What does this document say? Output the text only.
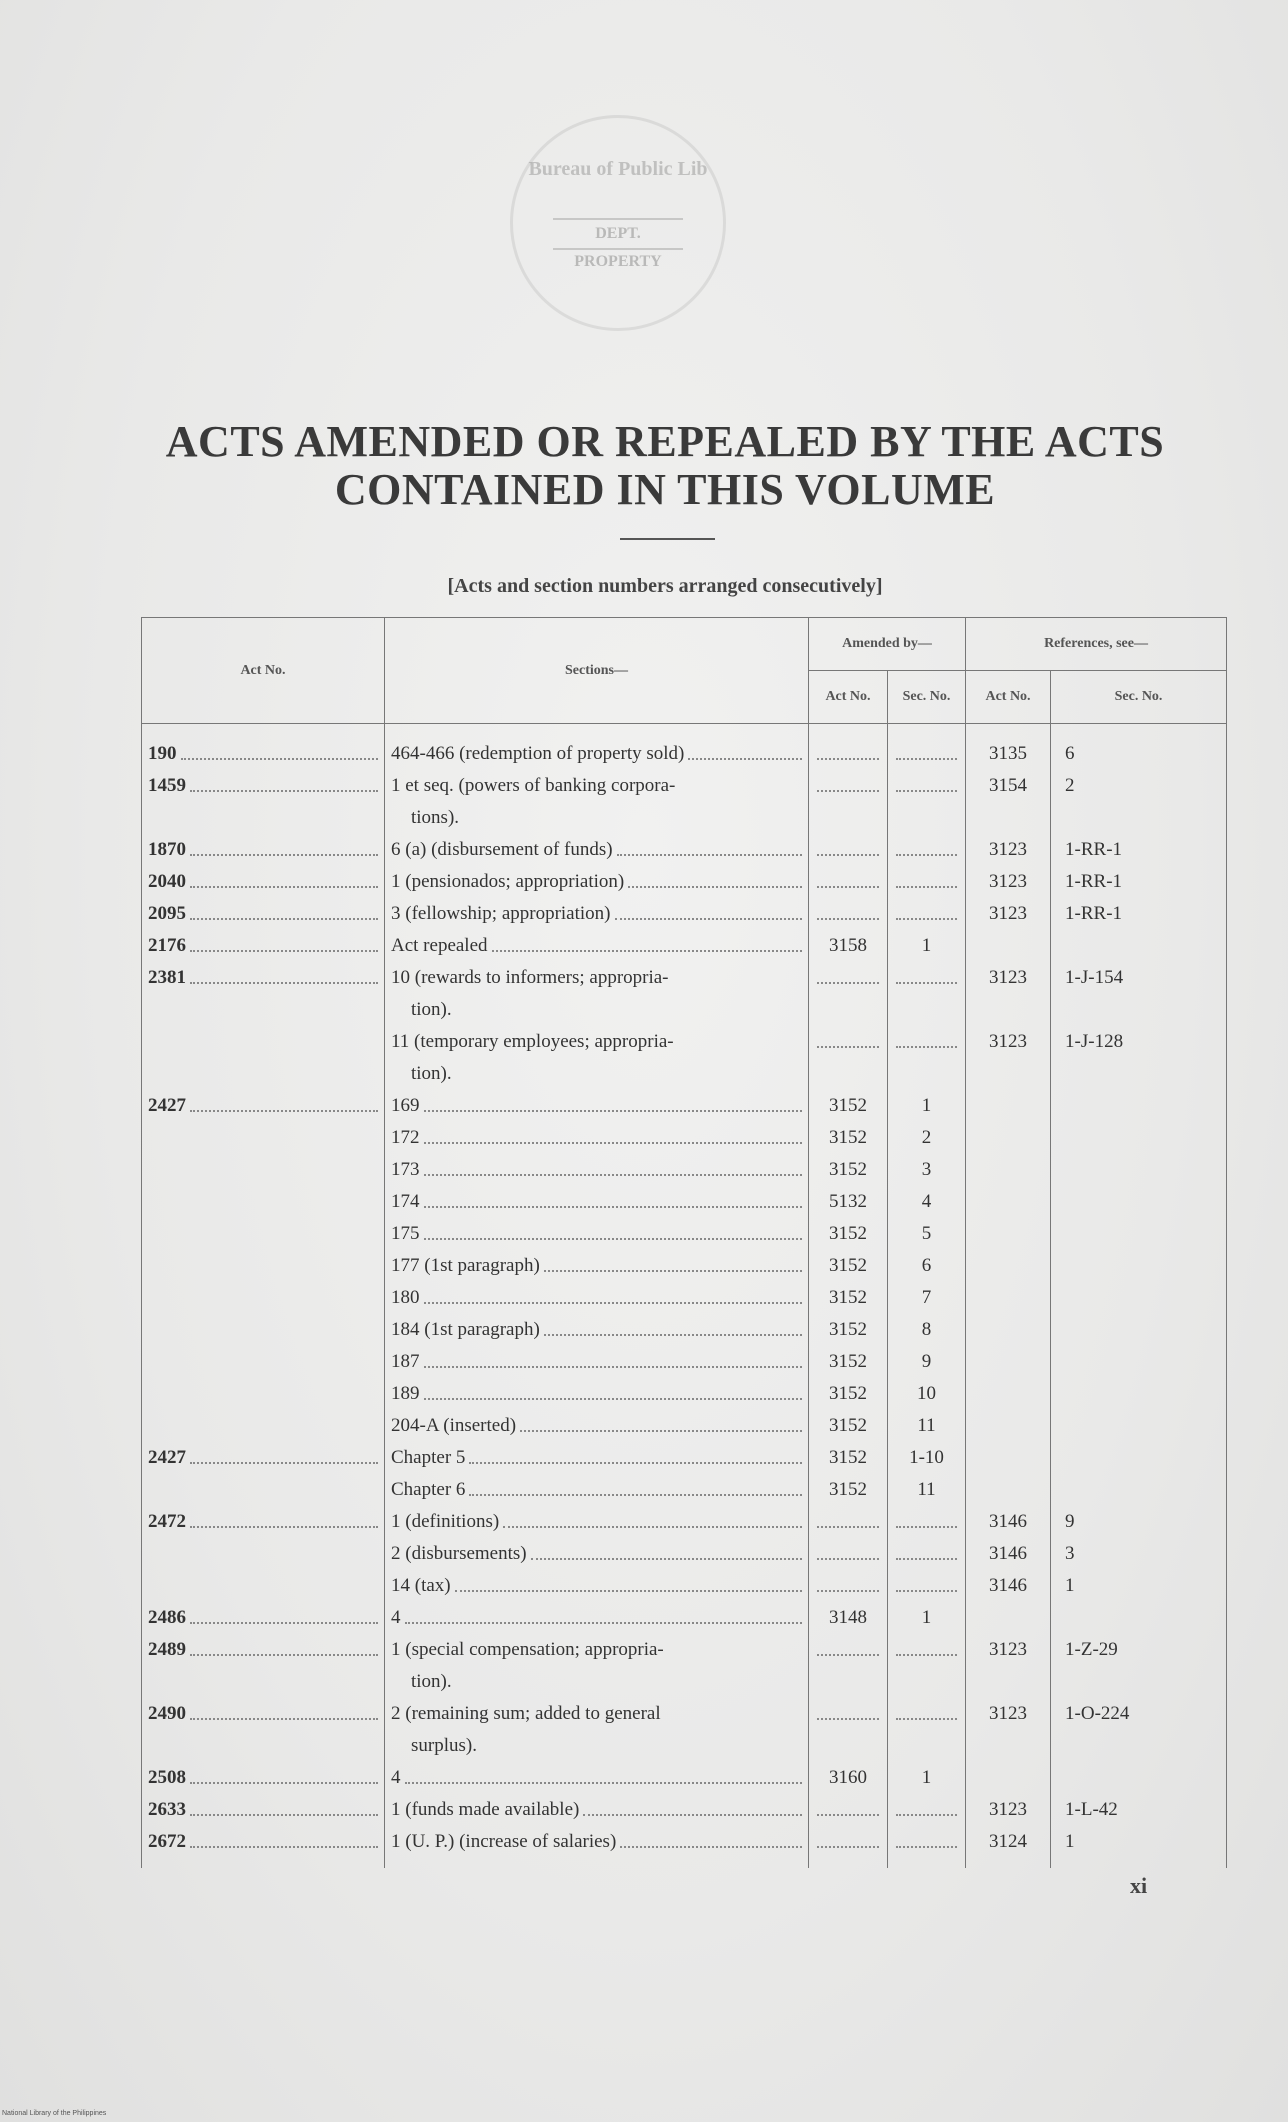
Bureau of Public Lib
DEPT. PROPERTY
ACTS AMENDED OR REPEALED BY THE ACTS CONTAINED IN THIS VOLUME
[Acts and section numbers arranged consecutively]
Act No.	Sections—	Amended by—		References, see—	
		Act No.	Sec. No.	Act No.	Sec. No.

190	464-466 (redemption of property sold)			3135	6

1459	1 et seq. (powers of banking corpora-
tions).			3154	2

1870	6 (a) (disbursement of funds)			3123	1-RR-1

2040	1 (pensionados; appropriation)			3123	1-RR-1

2095	3 (fellowship; appropriation)			3123	1-RR-1

2176	Act repealed	3158	1		

2381	10 (rewards to informers; appropria-
tion).			3123	1-J-154

	11 (temporary employees; appropria-
tion).			3123	1-J-128

2427	169	3152	1		

	172	3152	2		

	173	3152	3		

	174	5132	4		

	175	3152	5		

	177 (1st paragraph)	3152	6		

	180	3152	7		

	184 (1st paragraph)	3152	8		

	187	3152	9		

	189	3152	10		

	204-A (inserted)	3152	11		

2427	Chapter 5	3152	1-10		

	Chapter 6	3152	11		

2472	1 (definitions)			3146	9

	2 (disbursements)			3146	3

	14 (tax)			3146	1

2486	4	3148	1		

2489	1 (special compensation; appropria-
tion).			3123	1-Z-29

2490	2 (remaining sum; added to general
surplus).			3123	1-O-224

2508	4	3160	1		

2633	1 (funds made available)			3123	1-L-42

2672	1 (U. P.) (increase of salaries)			3124	1
xi
National Library of the Philippines
